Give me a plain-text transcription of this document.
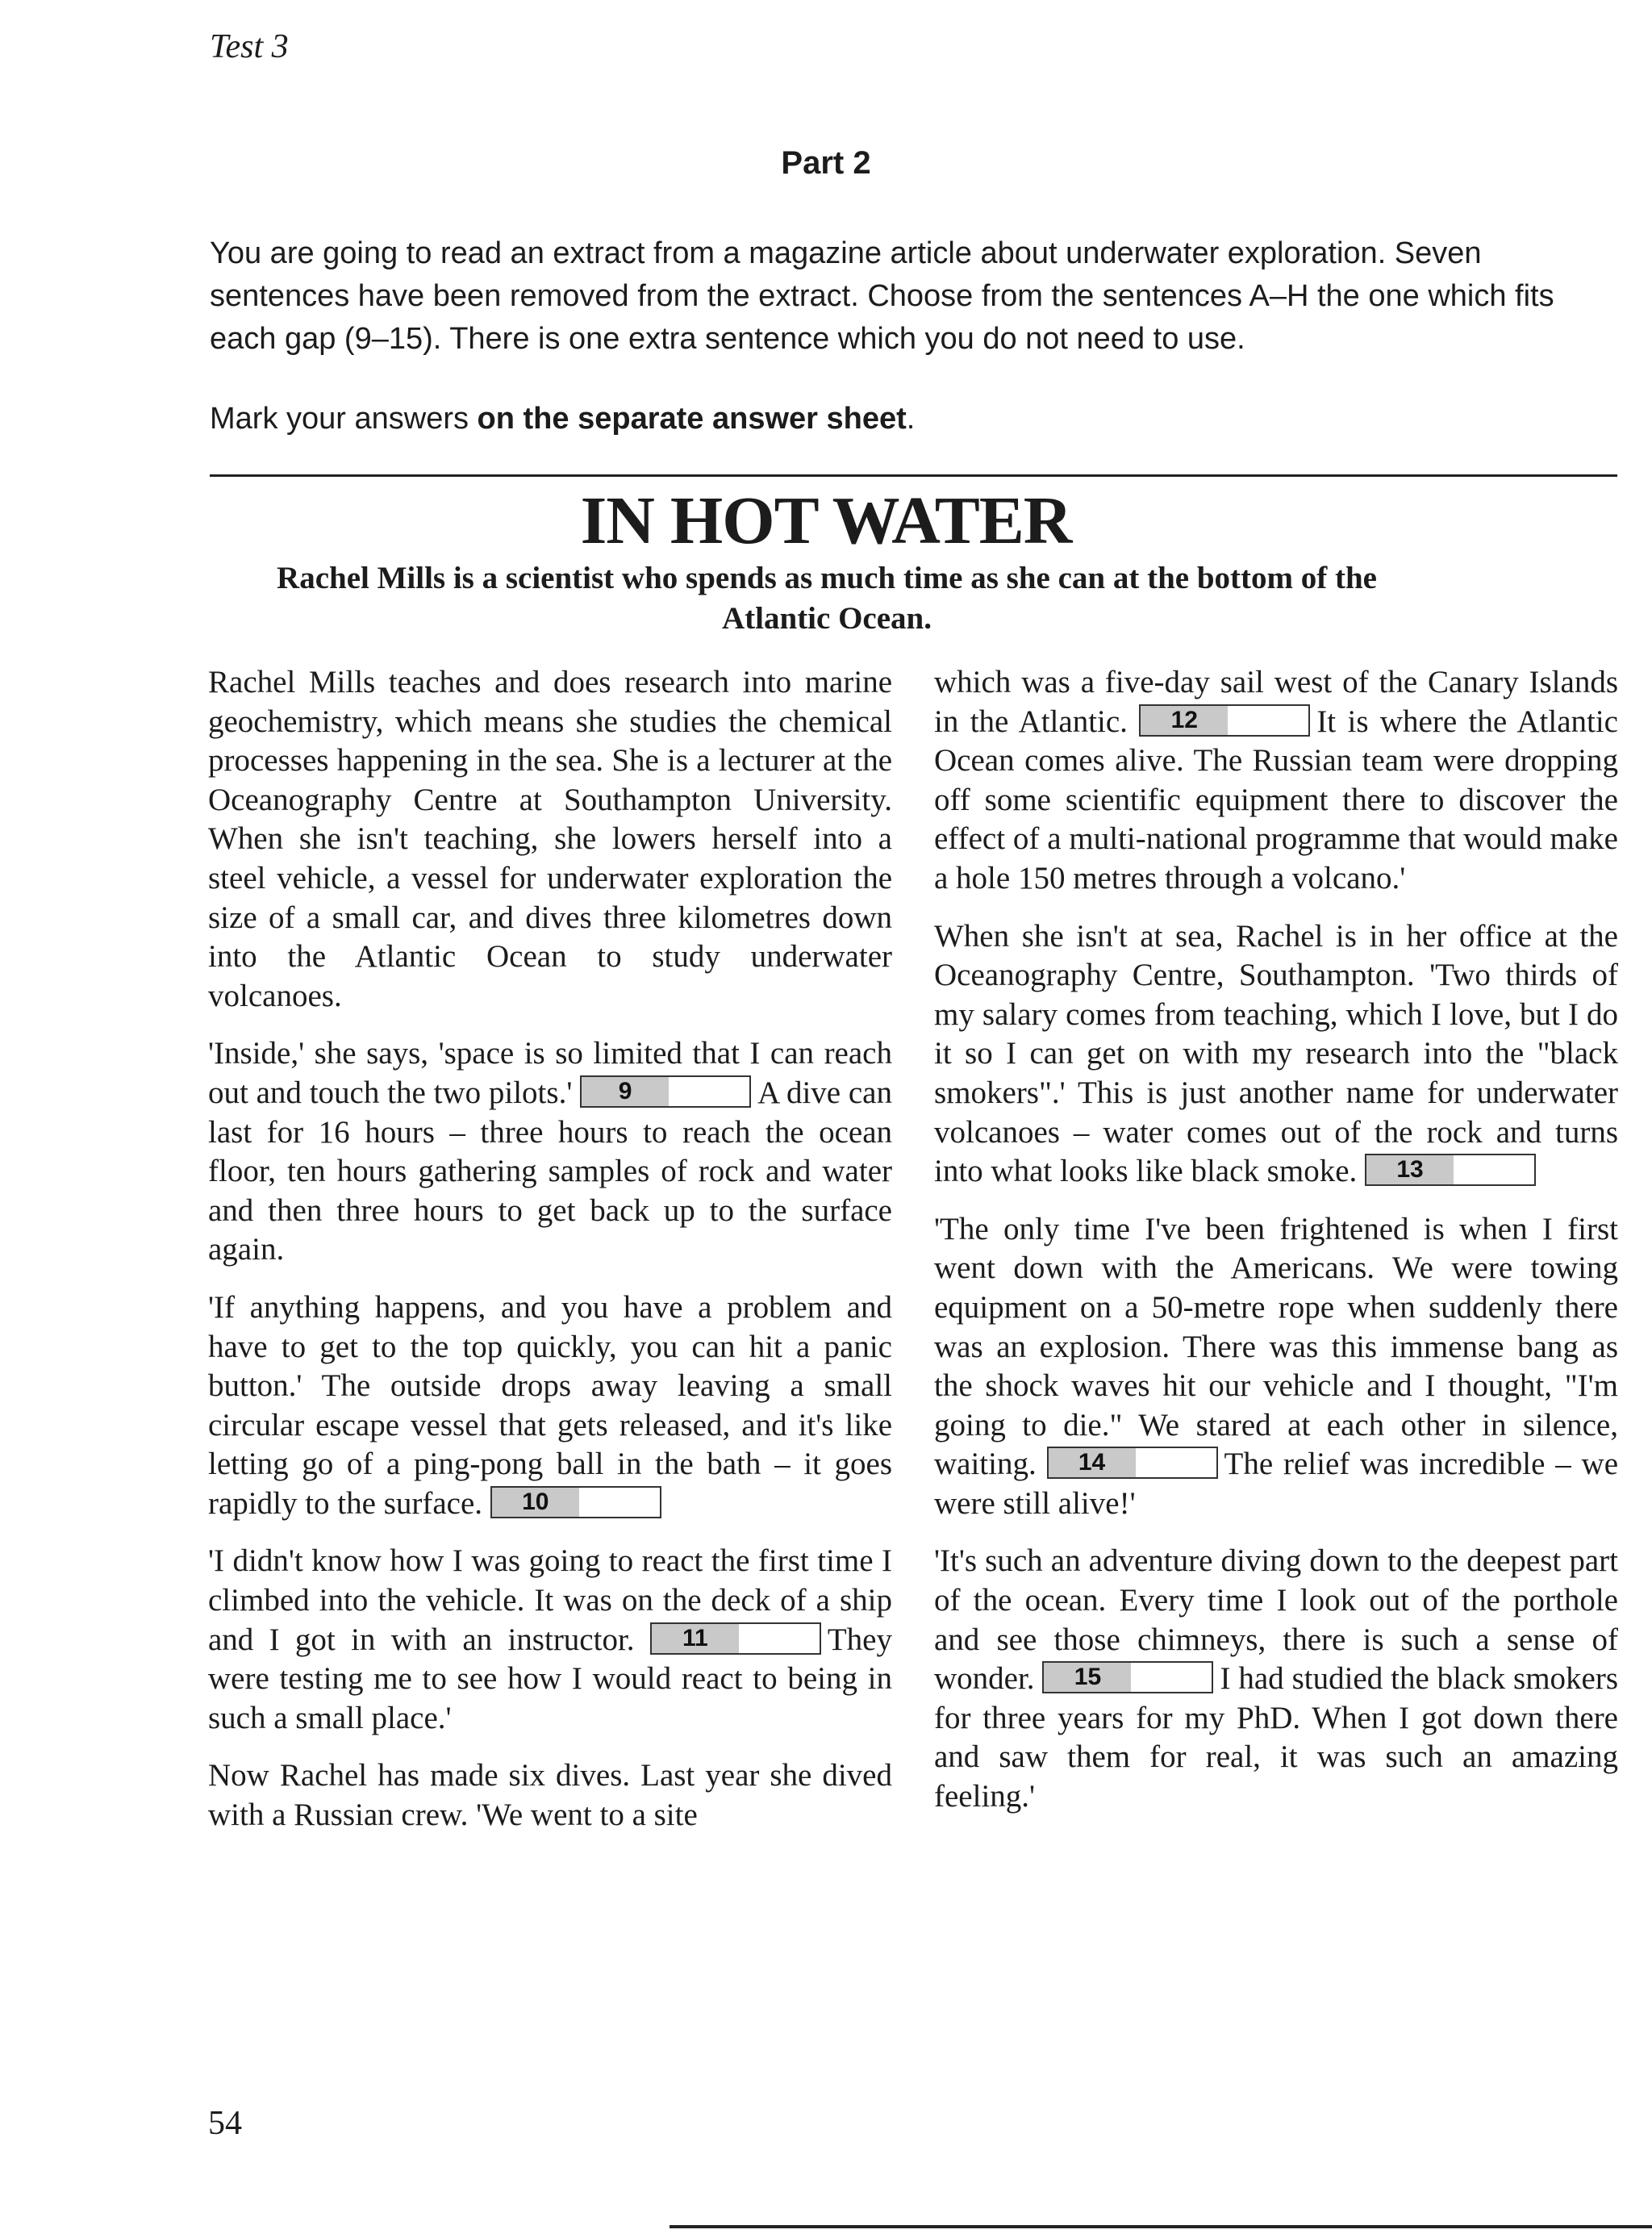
Test 3
Part 2
You are going to read an extract from a magazine article about underwater exploration. Seven sentences have been removed from the extract. Choose from the sentences A–H the one which fits each gap (9–15). There is one extra sentence which you do not need to use.
Mark your answers on the separate answer sheet.
IN HOT WATER
Rachel Mills is a scientist who spends as much time as she can at the bottom of the Atlantic Ocean.

Rachel Mills teaches and does research into marine geochemistry, which means she studies the chemical processes happening in the sea. She is a lecturer at the Oceanography Centre at Southampton University. When she isn't teaching, she lowers herself into a steel vehicle, a vessel for underwater exploration the size of a small car, and dives three kilometres down into the Atlantic Ocean to study underwater volcanoes.

'Inside,' she says, 'space is so limited that I can reach out and touch the two pilots.'	9	A dive can last for 16 hours – three hours to reach the ocean floor, ten hours gathering samples of rock and water and then three hours to get back up to the surface again.

'If anything happens, and you have a problem and have to get to the top quickly, you can hit a panic button.' The outside drops away leaving a small circular escape vessel that gets released, and it's like letting go of a ping-pong ball in the bath – it goes rapidly to the surface.	10

'I didn't know how I was going to react the first time I climbed into the vehicle. It was on the deck of a ship and I got in with an instructor.	11	They were testing me to see how I would react to being in such a small place.'

Now Rachel has made six dives. Last year she dived with a Russian crew. 'We went to a site

which was a five-day sail west of the Canary Islands in the Atlantic.	12	It is where the Atlantic Ocean comes alive. The Russian team were dropping off some scientific equipment there to discover the effect of a multi-national programme that would make a hole 150 metres through a volcano.'

When she isn't at sea, Rachel is in her office at the Oceanography Centre, Southampton. 'Two thirds of my salary comes from teaching, which I love, but I do it so I can get on with my research into the "black smokers".' This is just another name for underwater volcanoes – water comes out of the rock and turns into what looks like black smoke.	13

'The only time I've been frightened is when I first went down with the Americans. We were towing equipment on a 50-metre rope when suddenly there was an explosion. There was this immense bang as the shock waves hit our vehicle and I thought, "I'm going to die." We stared at each other in silence, waiting.	14	The relief was incredible – we were still alive!'

'It's such an adventure diving down to the deepest part of the ocean. Every time I look out of the porthole and see those chimneys, there is such a sense of wonder.	15	I had studied the black smokers for three years for my PhD. When I got down there and saw them for real, it was such an amazing feeling.'

54
